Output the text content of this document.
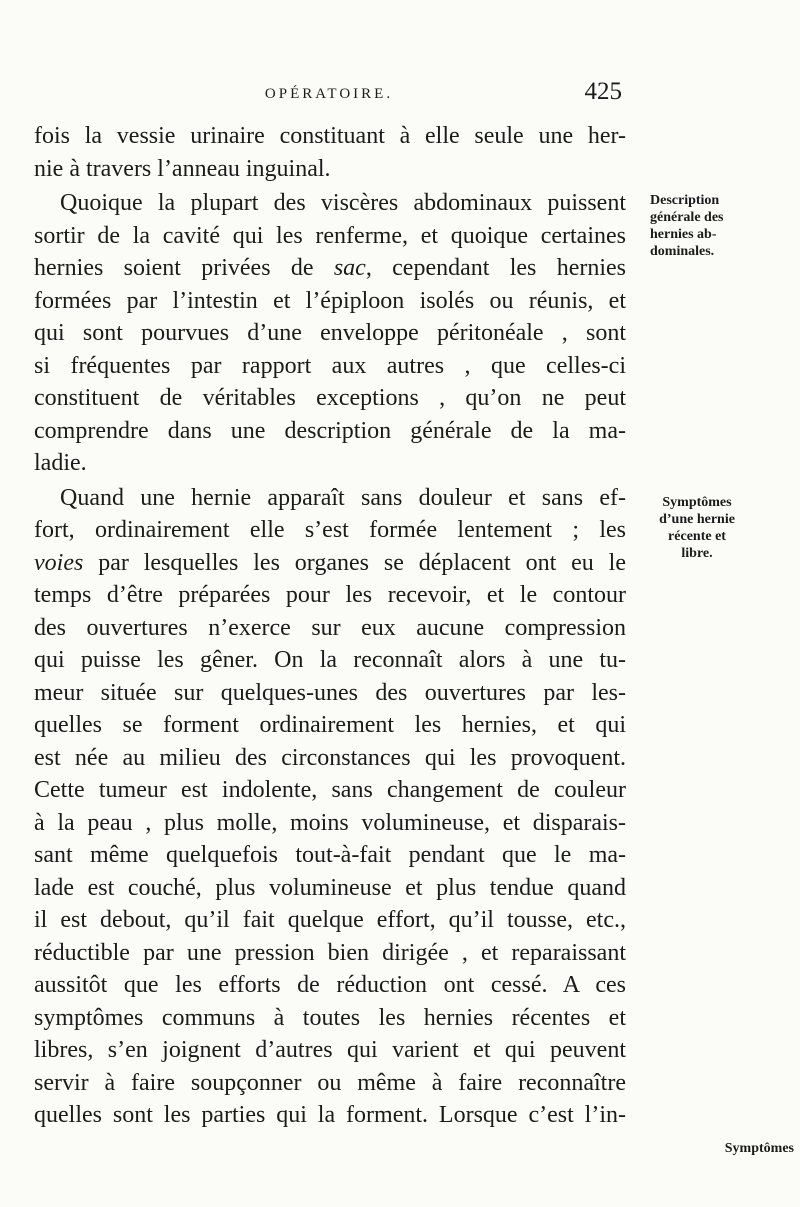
OPÉRATOIRE.	425
fois la vessie urinaire constituant à elle seule une her-
nie à travers l’anneau inguinal.
Quoique la plupart des viscères abdominaux puissent
sortir de la cavité qui les renferme, et quoique certaines
hernies soient privées de sac, cependant les hernies
formées par l’intestin et l’épiploon isolés ou réunis, et
qui sont pourvues d’une enveloppe péritonéale , sont
si fréquentes par rapport aux autres , que celles-ci
constituent de véritables exceptions , qu’on ne peut
comprendre dans une description générale de la ma-
ladie.
Quand une hernie apparaît sans douleur et sans ef-
fort, ordinairement elle s’est formée lentement ; les
voies par lesquelles les organes se déplacent ont eu le
temps d’être préparées pour les recevoir, et le contour
des ouvertures n’exerce sur eux aucune compression
qui puisse les gêner. On la reconnaît alors à une tu-
meur située sur quelques-unes des ouvertures par les-
quelles se forment ordinairement les hernies, et qui
est née au milieu des circonstances qui les provoquent.
Cette tumeur est indolente, sans changement de couleur
à la peau , plus molle, moins volumineuse, et disparais-
sant même quelquefois tout-à-fait pendant que le ma-
lade est couché, plus volumineuse et plus tendue quand
il est debout, qu’il fait quelque effort, qu’il tousse, etc.,
réductible par une pression bien dirigée , et reparaissant
aussitôt que les efforts de réduction ont cessé. A ces
symptômes communs à toutes les hernies récentes et
libres, s’en joignent d’autres qui varient et qui peuvent
servir à faire soupçonner ou même à faire reconnaître
quelles sont les parties qui la forment. Lorsque c’est l’in-
Description
générale des
hernies ab-
dominales.
Symptômes
d’une hernie
récente et
libre.
Symptômes
